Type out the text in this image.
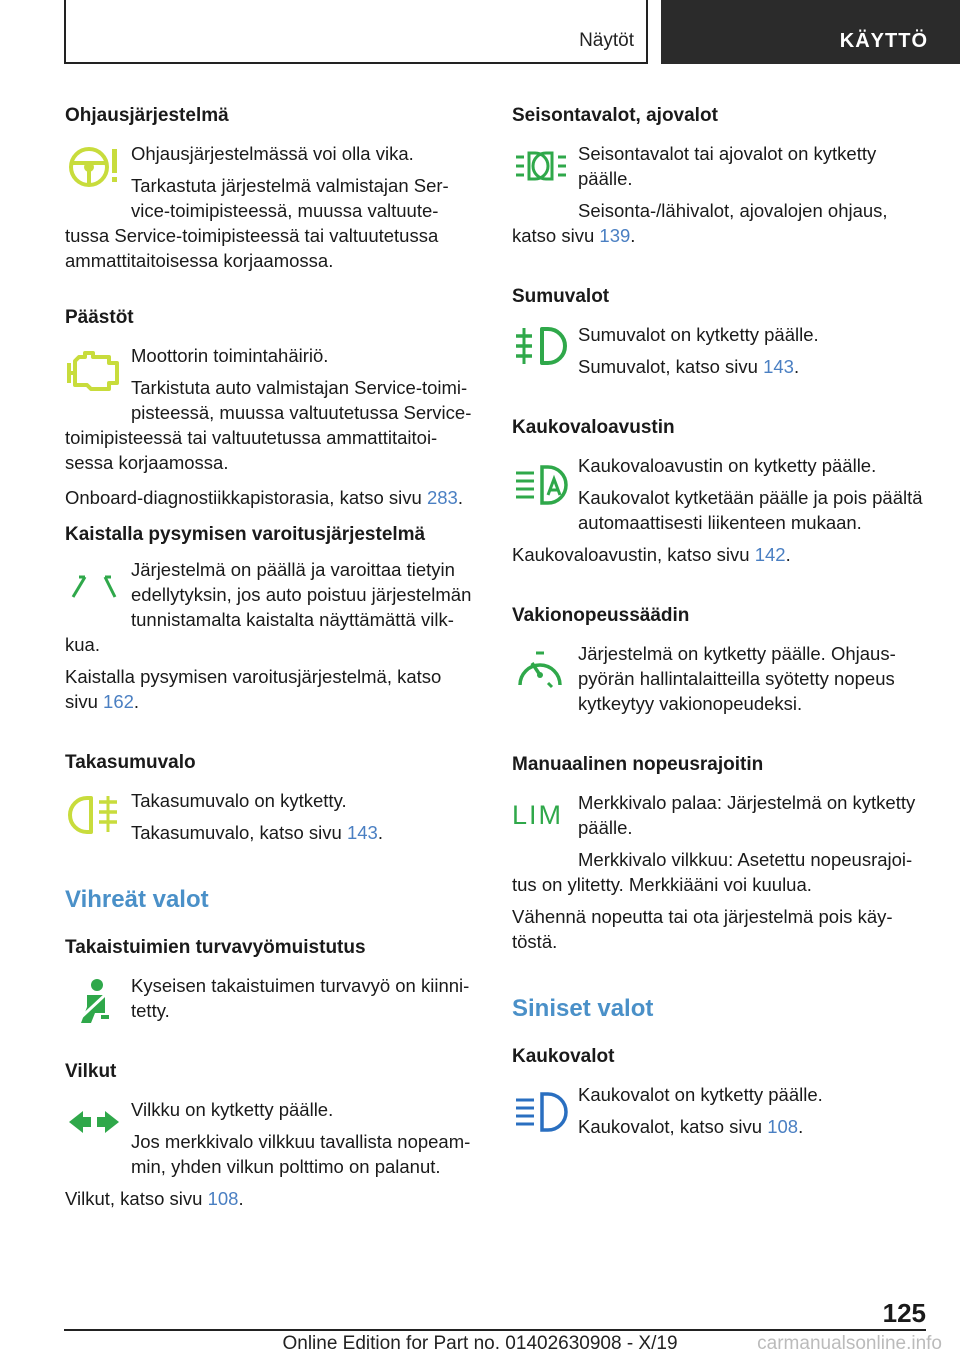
Näytöt	KÄYTTÖ
Ohjausjärjestelmä

Ohjausjärjestelmässä voi olla vika.

Tarkastuta järjestelmä valmistajan Ser-

vice-toimipisteessä, muussa valtuute-

tussa Service-toimipisteessä tai valtuutetussa

ammattitaitoisessa korjaamossa.

Päästöt

Moottorin toimintahäiriö.

Tarkistuta auto valmistajan Service-toimi-

pisteessä, muussa valtuutetussa Service-

toimipisteessä tai valtuutetussa ammattitaitoi-

sessa korjaamossa.

Onboard-diagnostiikkapistorasia, katso sivu 283.

Kaistalla pysymisen varoitusjärjestelmä

Järjestelmä on päällä ja varoittaa tietyin

edellytyksin, jos auto poistuu järjestelmän

tunnistamalta kaistalta näyttämättä vilk-

kua.

Kaistalla pysymisen varoitusjärjestelmä, katso

sivu 162.

Takasumuvalo

Takasumuvalo on kytketty.

Takasumuvalo, katso sivu 143.

Vihreät valot
Takaistuimien turvavyömuistutus

Kyseisen takaistuimen turvavyö on kiinni-

tetty.

Vilkut

Vilkku on kytketty päälle.

Jos merkkivalo vilkkuu tavallista nopeam-

min, yhden vilkun polttimo on palanut.

Vilkut, katso sivu 108.

Seisontavalot, ajovalot

Seisontavalot tai ajovalot on kytketty

päälle.

Seisonta-/lähivalot, ajovalojen ohjaus,

katso sivu 139.

Sumuvalot

Sumuvalot on kytketty päälle.

Sumuvalot, katso sivu 143.

Kaukovaloavustin

Kaukovaloavustin on kytketty päälle.

Kaukovalot kytketään päälle ja pois päältä

automaattisesti liikenteen mukaan.

Kaukovaloavustin, katso sivu 142.

Vakionopeussäädin

Järjestelmä on kytketty päälle. Ohjaus-

pyörän hallintalaitteilla syötetty nopeus

kytkeytyy vakionopeudeksi.

Manuaalinen nopeusrajoitin
LIM Merkkivalo palaa: Järjestelmä on kytketty

päälle.

Merkkivalo vilkkuu: Asetettu nopeusrajoi-

tus on ylitetty. Merkkiääni voi kuulua.

Vähennä nopeutta tai ota järjestelmä pois käy-

töstä.

Siniset valot
Kaukovalot

Kaukovalot on kytketty päälle.

Kaukovalot, katso sivu 108.

125
Online Edition for Part no. 01402630908 - X/19	carmanualsonline.info
